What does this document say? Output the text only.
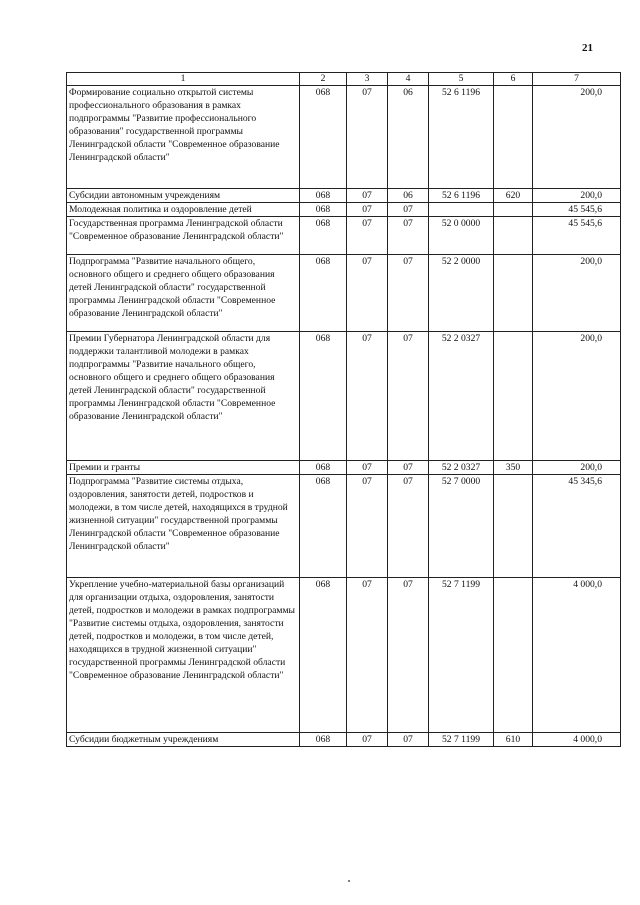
21
1	2	3	4	5	6	7
Формирование социально открытой системы профессионального образования в рамках подпрограммы "Развитие профессионального образования" государственной программы Ленинградской области "Современное образование Ленинградской области"	068	07	06	52 6 1196		200,0
Субсидии автономным учреждениям	068	07	06	52 6 1196	620	200,0
Молодежная политика и оздоровление детей	068	07	07			45 545,6
Государственная программа Ленинградской области "Современное образование Ленинградской области"	068	07	07	52 0 0000		45 545,6
Подпрограмма "Развитие начального общего, основного общего и среднего общего образования детей Ленинградской области" государственной программы Ленинградской области "Современное образование Ленинградской области"	068	07	07	52 2 0000		200,0
Премии Губернатора Ленинградской области для поддержки талантливой молодежи в рамках подпрограммы "Развитие начального общего, основного общего и среднего общего образования детей Ленинградской области" государственной программы Ленинградской области "Современное образование Ленинградской области"	068	07	07	52 2 0327		200,0
Премии и гранты	068	07	07	52 2 0327	350	200,0
Подпрограмма "Развитие системы отдыха, оздоровления, занятости детей, подростков и молодежи, в том числе детей, находящихся в трудной жизненной ситуации" государственной программы Ленинградской области "Современное образование Ленинградской области"	068	07	07	52 7 0000		45 345,6
Укрепление учебно-материальной базы организаций для организации отдыха, оздоровления, занятости детей, подростков и молодежи в рамках подпрограммы "Развитие системы отдыха, оздоровления, занятости детей, подростков и молодежи, в том числе детей, находящихся в трудной жизненной ситуации" государственной программы Ленинградской области "Современное образование Ленинградской области"	068	07	07	52 7 1199		4 000,0
Субсидии бюджетным учреждениям	068	07	07	52 7 1199	610	4 000,0
